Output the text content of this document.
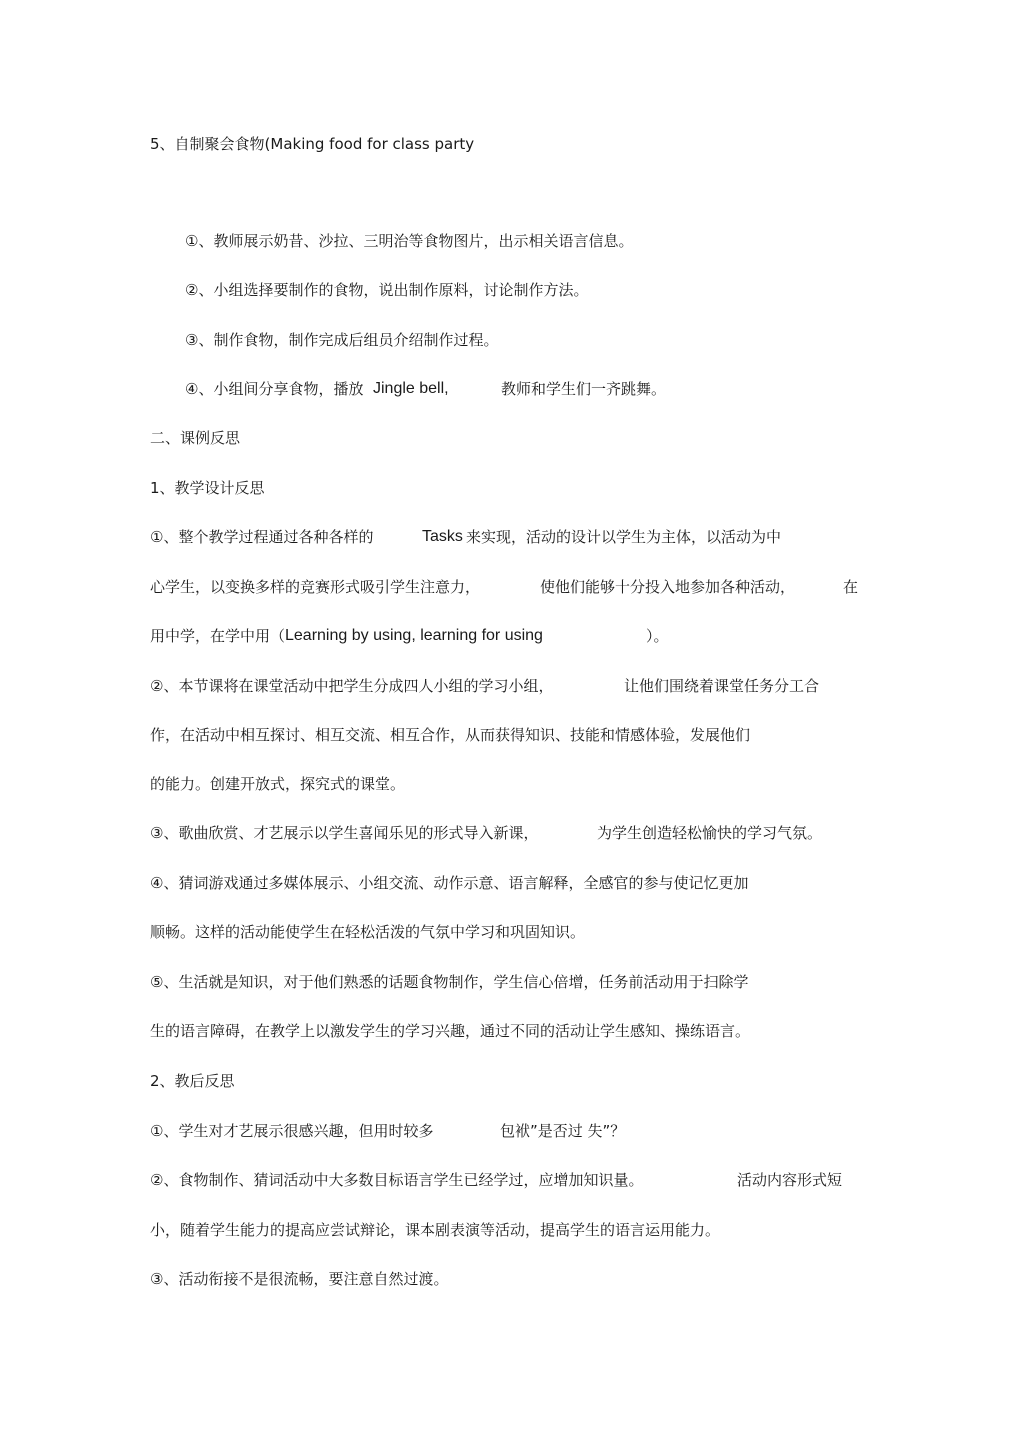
5、自制聚会食物(Making food for class party
①、教师展示奶昔、沙拉、三明治等食物图片，出示相关语言信息。
②、小组选择要制作的食物，说出制作原料，讨论制作方法。
③、制作食物，制作完成后组员介绍制作过程。
④、小组间分享食物，播放 Jingle bell,	教师和学生们一齐跳舞。
二、课例反思
1、教学设计反思
①、整个教学过程通过各种各样的	Tasks 来实现，活动的设计以学生为主体，以活动为中
心学生，以变换多样的竞赛形式吸引学生注意力，	使他们能够十分投入地参加各种活动，	在
用中学，在学中用（ Learning by using, learning for using	）。
②、本节课将在课堂活动中把学生分成四人小组的学习小组，	让他们围绕着课堂任务分工合
作，在活动中相互探讨、相互交流、相互合作，从而获得知识、技能和情感体验，发展他们
的能力。创建开放式，探究式的课堂。
③、歌曲欣赏、才艺展示以学生喜闻乐见的形式导入新课，	为学生创造轻松愉快的学习气氛。
④、猜词游戏通过多媒体展示、小组交流、动作示意、语言解释，全感官的参与使记忆更加
顺畅。这样的活动能使学生在轻松活泼的气氛中学习和巩固知识。
⑤、生活就是知识，对于他们熟悉的话题食物制作，学生信心倍增，任务前活动用于扫除学
生的语言障碍，在教学上以激发学生的学习兴趣，通过不同的活动让学生感知、操练语言。
2、教后反思
①、学生对才艺展示很感兴趣，但用时较多	包袱”是否过 失”？
②、食物制作、猜词活动中大多数目标语言学生已经学过，应增加知识量。	活动内容形式短
小，随着学生能力的提高应尝试辩论，课本剧表演等活动，提高学生的语言运用能力。
③、活动衔接不是很流畅，要注意自然过渡。
